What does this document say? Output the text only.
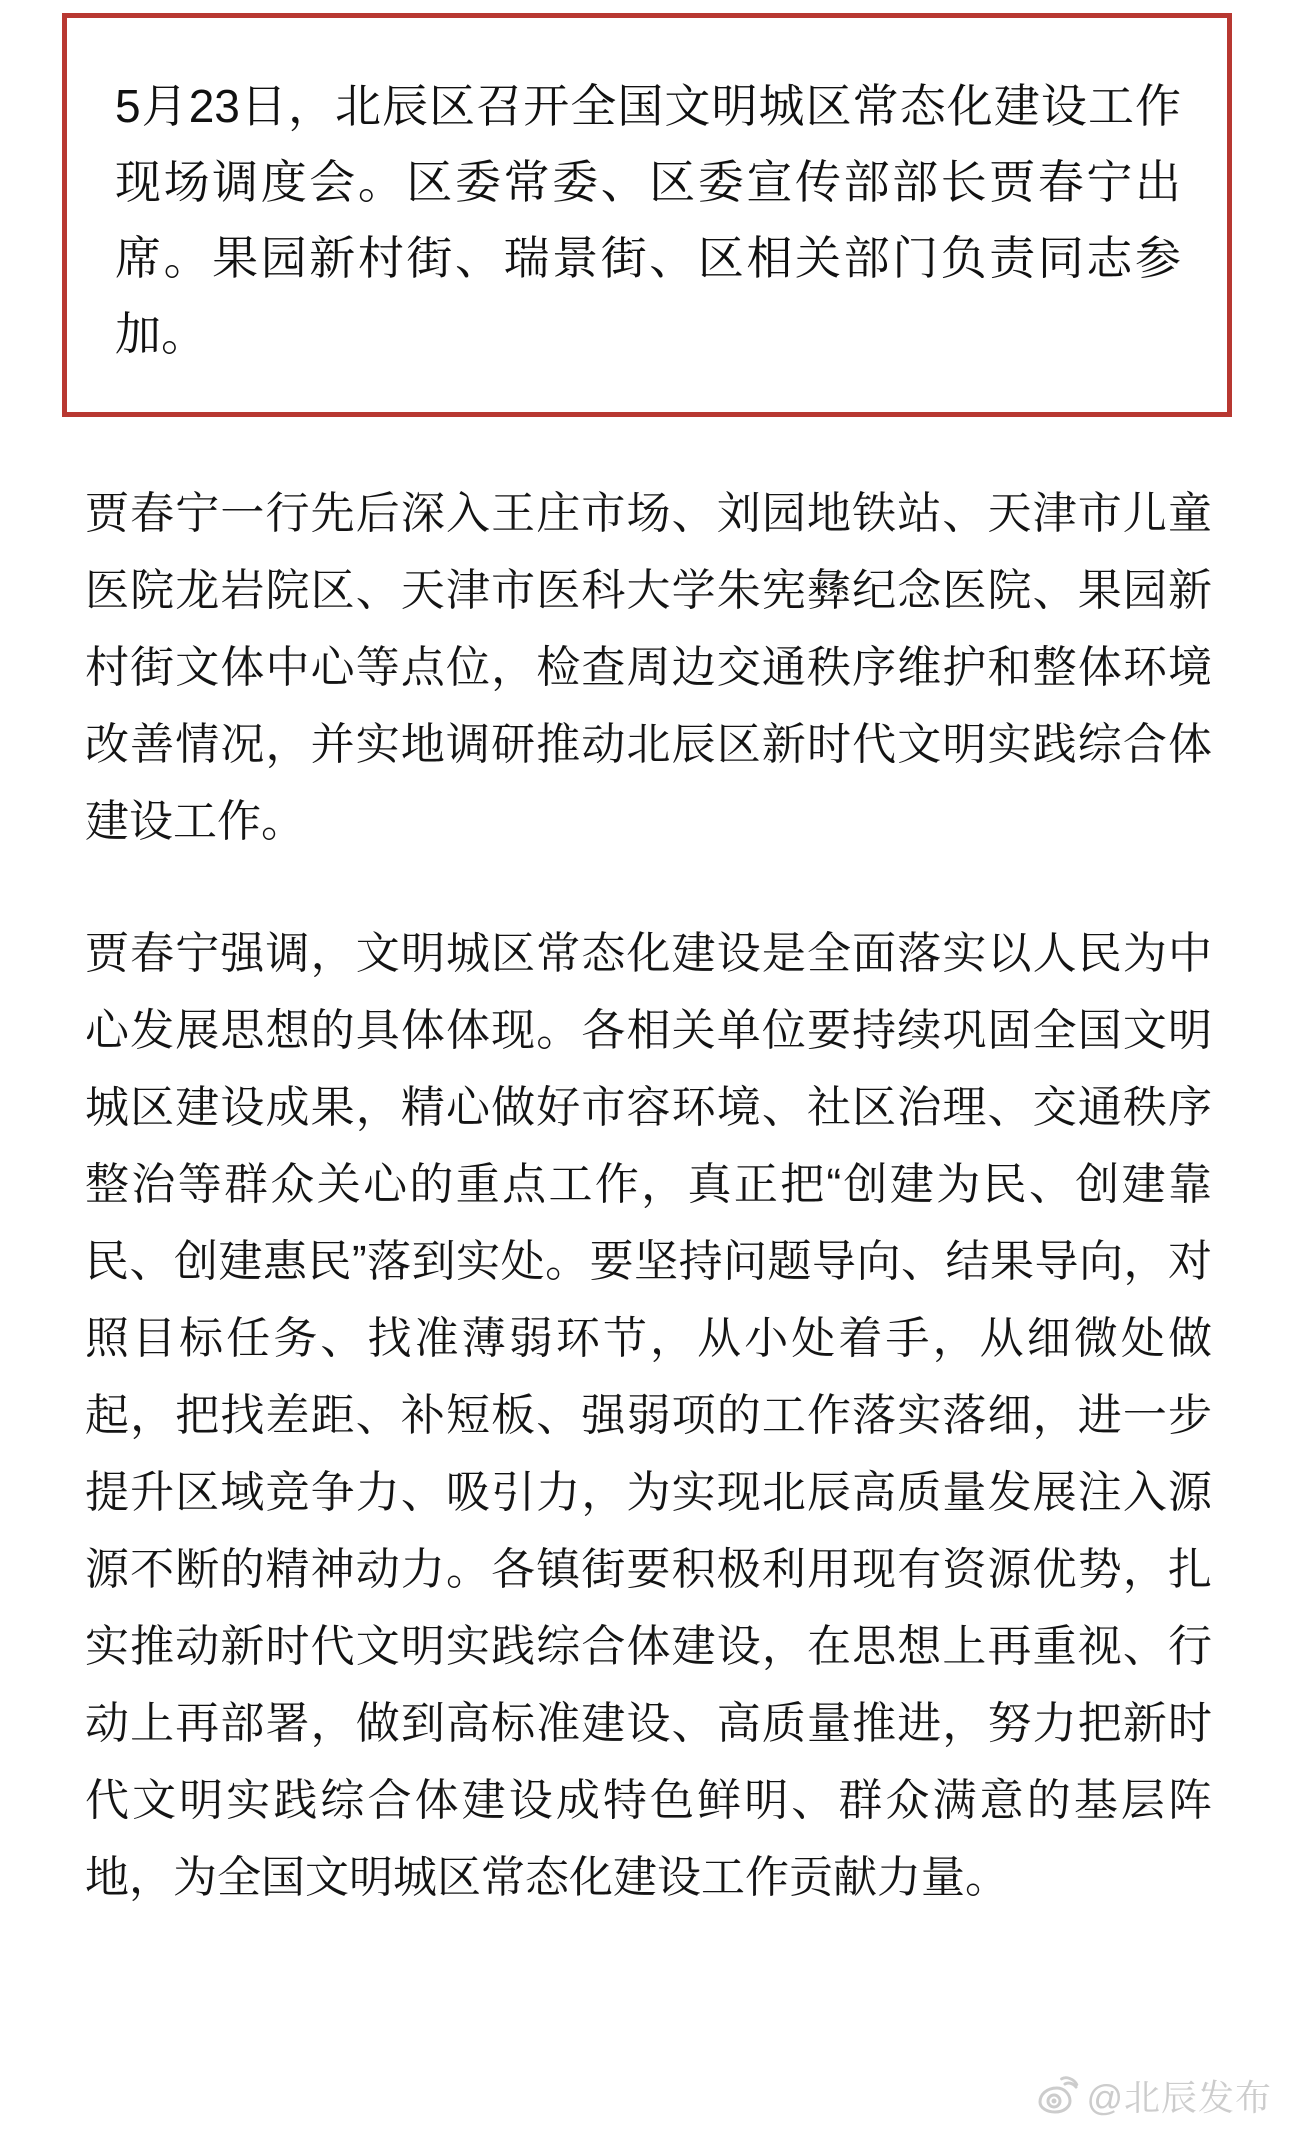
5月23日，北辰区召开全国文明城区常态化建设工作现场调度会。区委常委、区委宣传部部长贾春宁出席。果园新村街、瑞景街、区相关部门负责同志参加。

贾春宁一行先后深入王庄市场、刘园地铁站、天津市儿童医院龙岩院区、天津市医科大学朱宪彝纪念医院、果园新村街文体中心等点位，检查周边交通秩序维护和整体环境改善情况，并实地调研推动北辰区新时代文明实践综合体建设工作。

贾春宁强调，文明城区常态化建设是全面落实以人民为中心发展思想的具体体现。各相关单位要持续巩固全国文明城区建设成果，精心做好市容环境、社区治理、交通秩序整治等群众关心的重点工作，真正把“创建为民、创建靠民、创建惠民”落到实处。要坚持问题导向、结果导向，对照目标任务、找准薄弱环节，从小处着手，从细微处做起，把找差距、补短板、强弱项的工作落实落细，进一步提升区域竞争力、吸引力，为实现北辰高质量发展注入源源不断的精神动力。各镇街要积极利用现有资源优势，扎实推动新时代文明实践综合体建设，在思想上再重视、行动上再部署，做到高标准建设、高质量推进，努力把新时代文明实践综合体建设成特色鲜明、群众满意的基层阵地，为全国文明城区常态化建设工作贡献力量。

@北辰发布
